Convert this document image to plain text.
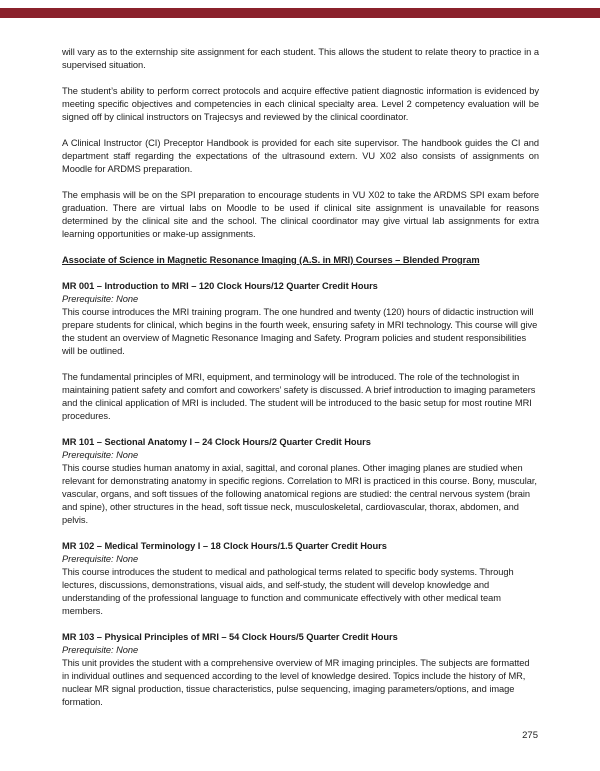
will vary as to the externship site assignment for each student. This allows the student to relate theory to practice in a supervised situation.

The student’s ability to perform correct protocols and acquire effective patient diagnostic information is evidenced by meeting specific objectives and competencies in each clinical specialty area. Level 2 competency evaluation will be signed off by clinical instructors on Trajecsys and reviewed by the clinical coordinator.

A Clinical Instructor (CI) Preceptor Handbook is provided for each site supervisor. The handbook guides the CI and department staff regarding the expectations of the ultrasound extern. VU X02 also consists of assignments on Moodle for ARDMS preparation.

The emphasis will be on the SPI preparation to encourage students in VU X02 to take the ARDMS SPI exam before graduation. There are virtual labs on Moodle to be used if clinical site assignment is unavailable for reasons determined by the clinical site and the school. The clinical coordinator may give virtual lab assignments for extra learning opportunities or make-up assignments.

Associate of Science in Magnetic Resonance Imaging (A.S. in MRI) Courses – Blended Program

MR 001 – Introduction to MRI – 120 Clock Hours/12 Quarter Credit Hours

Prerequisite: None

This course introduces the MRI training program. The one hundred and twenty (120) hours of didactic instruction will prepare students for clinical, which begins in the fourth week, ensuring safety in MRI technology. This course will give the student an overview of Magnetic Resonance Imaging and Safety. Program policies and student responsibilities will be outlined.

The fundamental principles of MRI, equipment, and terminology will be introduced. The role of the technologist in maintaining patient safety and comfort and coworkers’ safety is discussed. A brief introduction to imaging parameters and the clinical application of MRI is included. The student will be introduced to the basic setup for most routine MRI procedures.

MR 101 – Sectional Anatomy I – 24 Clock Hours/2 Quarter Credit Hours

Prerequisite: None

This course studies human anatomy in axial, sagittal, and coronal planes. Other imaging planes are studied when relevant for demonstrating anatomy in specific regions. Correlation to MRI is practiced in this course. Bony, muscular, vascular, organs, and soft tissues of the following anatomical regions are studied: the central nervous system (brain and spine), other structures in the head, soft tissue neck, musculoskeletal, cardiovascular, thorax, abdomen, and pelvis.

MR 102 – Medical Terminology I – 18 Clock Hours/1.5 Quarter Credit Hours

Prerequisite: None

This course introduces the student to medical and pathological terms related to specific body systems. Through lectures, discussions, demonstrations, visual aids, and self-study, the student will develop knowledge and understanding of the professional language to function and communicate effectively with other medical team members.

MR 103 – Physical Principles of MRI – 54 Clock Hours/5 Quarter Credit Hours

Prerequisite: None

This unit provides the student with a comprehensive overview of MR imaging principles. The subjects are formatted in individual outlines and sequenced according to the level of knowledge desired. Topics include the history of MR, nuclear MR signal production, tissue characteristics, pulse sequencing, imaging parameters/options, and image formation.

275
